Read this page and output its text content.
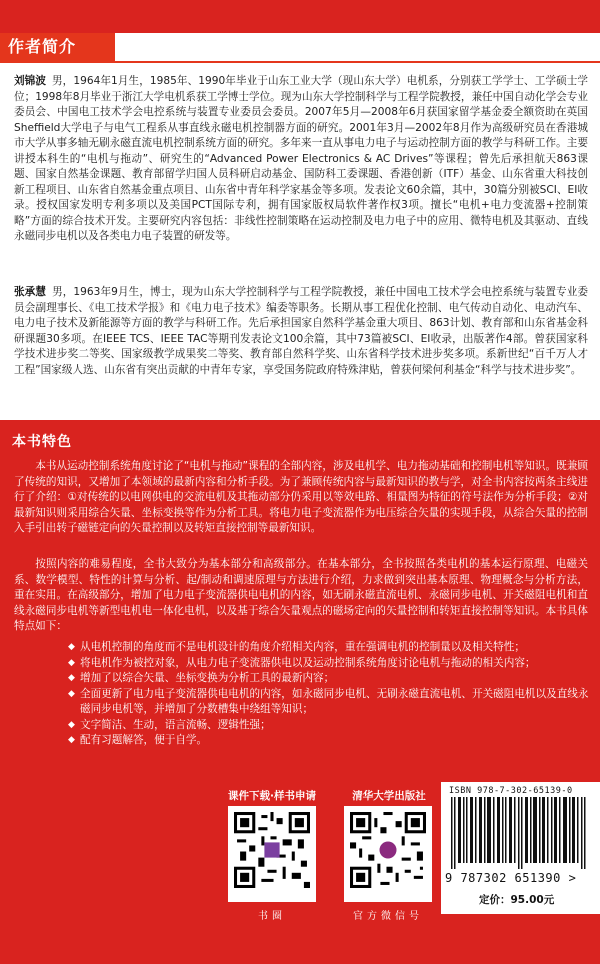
作者简介

刘锦波 男，1964年1月生，1985年、1990年毕业于山东工业大学（现山东大学）电机系，分别获工学学士、工学硕士学位；1998年8月毕业于浙江大学电机系获工学博士学位。现为山东大学控制科学与工程学院教授，兼任中国自动化学会专业委员会、中国电工技术学会电控系统与装置专业委员会委员。2007年5月—2008年6月获国家留学基金委全额资助在英国Sheffield大学电子与电气工程系从事直线永磁电机控制器方面的研究。2001年3月—2002年8月作为高级研究员在香港城市大学从事多轴无刷永磁直流电机控制系统方面的研究。多年来一直从事电力电子与运动控制方面的教学与科研工作。主要讲授本科生的“电机与拖动”、研究生的“Advanced Power Electronics & AC Drives”等课程；曾先后承担航天863课题、国家自然基金课题、教育部留学归国人员科研启动基金、国防科工委课题、香港创新（ITF）基金、山东省重大科技创新工程项目、山东省自然基金重点项目、山东省中青年科学家基金等多项。发表论文60余篇，其中，30篇分别被SCI、EI收录。授权国家发明专利多项以及美国PCT国际专利，拥有国家版权局软件著作权3项。擅长“电机+电力变流器+控制策略”方面的综合技术开发。主要研究内容包括：非线性控制策略在运动控制及电力电子中的应用、微特电机及其驱动、直线永磁同步电机以及各类电力电子装置的研发等。

张承慧 男，1963年9月生，博士，现为山东大学控制科学与工程学院教授，兼任中国电工技术学会电控系统与装置专业委员会副理事长、《电工技术学报》和《电力电子技术》编委等职务。长期从事工程优化控制、电气传动自动化、电动汽车、电力电子技术及新能源等方面的教学与科研工作。先后承担国家自然科学基金重大项目、863计划、教育部和山东省基金科研课题30多项。在IEEE TCS、IEEE TAC等期刊发表论文100余篇，其中73篇被SCI、EI收录，出版著作4部。曾获国家科学技术进步奖二等奖、国家级教学成果奖二等奖、教育部自然科学奖、山东省科学技术进步奖多项。系新世纪“百千万人才工程”国家级人选、山东省有突出贡献的中青年专家，享受国务院政府特殊津贴，曾获何梁何利基金“科学与技术进步奖”。

本书特色

本书从运动控制系统角度讨论了“电机与拖动”课程的全部内容，涉及电机学、电力拖动基础和控制电机等知识。既兼顾了传统的知识，又增加了本领域的最新内容和分析手段。为了兼顾传统内容与最新知识的教与学，对全书内容按两条主线进行了介绍：①对传统的以电网供电的交流电机及其拖动部分仍采用以等效电路、相量图为特征的符号法作为分析手段；②对最新知识则采用综合矢量、坐标变换等作为分析工具。将电力电子变流器作为电压综合矢量的实现手段，从综合矢量的控制入手引出转子磁链定向的矢量控制以及转矩直接控制等最新知识。

按照内容的难易程度，全书大致分为基本部分和高级部分。在基本部分，全书按照各类电机的基本运行原理、电磁关系、数学模型、特性的计算与分析、起/制动和调速原理与方法进行介绍，力求做到突出基本原理、物理概念与分析方法，重在实用。在高级部分，增加了电力电子变流器供电电机的内容，如无刷永磁直流电机、永磁同步电机、开关磁阻电机和直线永磁同步电机等新型电机电一体化电机，以及基于综合矢量观点的磁场定向的矢量控制和转矩直接控制等知识。本书具体特点如下：

◆ 从电机控制的角度而不是电机设计的角度介绍相关内容，重在强调电机的控制量以及相关特性；
◆ 将电机作为被控对象，从电力电子变流器供电以及运动控制系统角度讨论电机与拖动的相关内容；
◆ 增加了以综合矢量、坐标变换为分析工具的最新内容；
◆ 全面更新了电力电子变流器供电电机的内容，如永磁同步电机、无刷永磁直流电机、开关磁阻电机以及直线永磁同步电机等，并增加了分数槽集中绕组等知识；
◆ 文字简洁、生动，语言流畅、逻辑性强；
◆ 配有习题解答，便于自学。
课件下载·样书申请
书圈
清华大学出版社
官方微信号
ISBN 978-7-302-65139-0
9 787302 651390 >
定价：95.00元
